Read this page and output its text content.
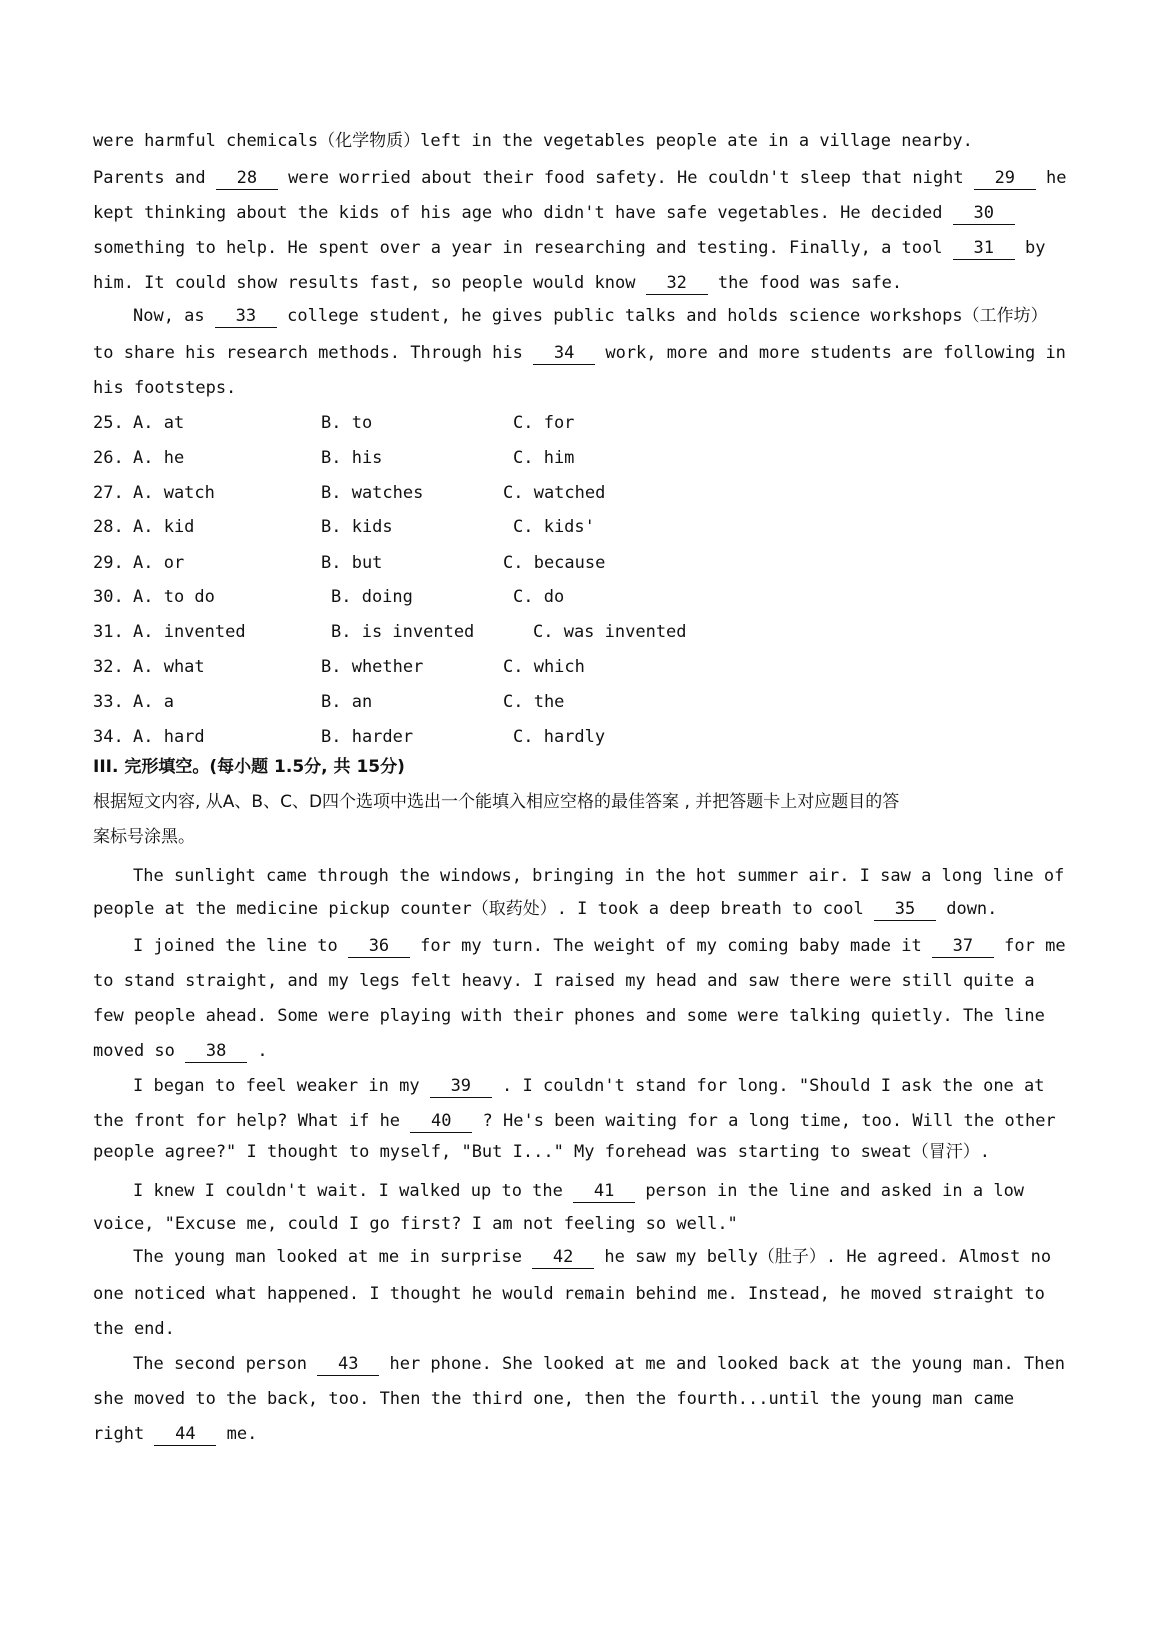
were harmful chemicals（化学物质）left in the vegetables people ate in a village nearby.
Parents and 28 were worried about their food safety. He couldn't sleep that night 29 he
kept thinking about the kids of his age who didn't have safe vegetables. He decided 30
something to help. He spent over a year in researching and testing. Finally, a tool 31 by
him. It could show results fast, so people would know 32 the food was safe.
Now, as 33 college student, he gives public talks and holds science workshops（工作坊）
to share his research methods. Through his 34 work, more and more students are following in
his footsteps.
25. A. at	B. to	C. for
26. A. he	B. his	C. him
27. A. watch	B. watches	C. watched
28. A. kid	B. kids	C. kids'
29. A. or	B. but	C. because
30. A. to do	B. doing	C. do
31. A. invented	B. is invented	C. was invented
32. A. what	B. whether	C. which
33. A. a	B. an	C. the
34. A. hard	B. harder	C. hardly
III. 完形填空。(每小题 1.5分, 共 15分)
根据短文内容, 从A、B、C、D四个选项中选出一个能填入相应空格的最佳答案 , 并把答题卡上对应题目的答
案标号涂黑。
The sunlight came through the windows, bringing in the hot summer air. I saw a long line of
people at the medicine pickup counter（取药处）. I took a deep breath to cool 35 down.
I joined the line to 36 for my turn. The weight of my coming baby made it 37 for me
to stand straight, and my legs felt heavy. I raised my head and saw there were still quite a
few people ahead. Some were playing with their phones and some were talking quietly. The line
moved so 38 .
I began to feel weaker in my 39 . I couldn't stand for long. "Should I ask the one at
the front for help? What if he 40 ? He's been waiting for a long time, too. Will the other
people agree?" I thought to myself, "But I..." My forehead was starting to sweat（冒汗）.
I knew I couldn't wait. I walked up to the 41 person in the line and asked in a low
voice, "Excuse me, could I go first? I am not feeling so well."
The young man looked at me in surprise 42 he saw my belly（肚子）. He agreed. Almost no
one noticed what happened. I thought he would remain behind me. Instead, he moved straight to
the end.
The second person 43 her phone. She looked at me and looked back at the young man. Then
she moved to the back, too. Then the third one, then the fourth...until the young man came
right 44 me.
